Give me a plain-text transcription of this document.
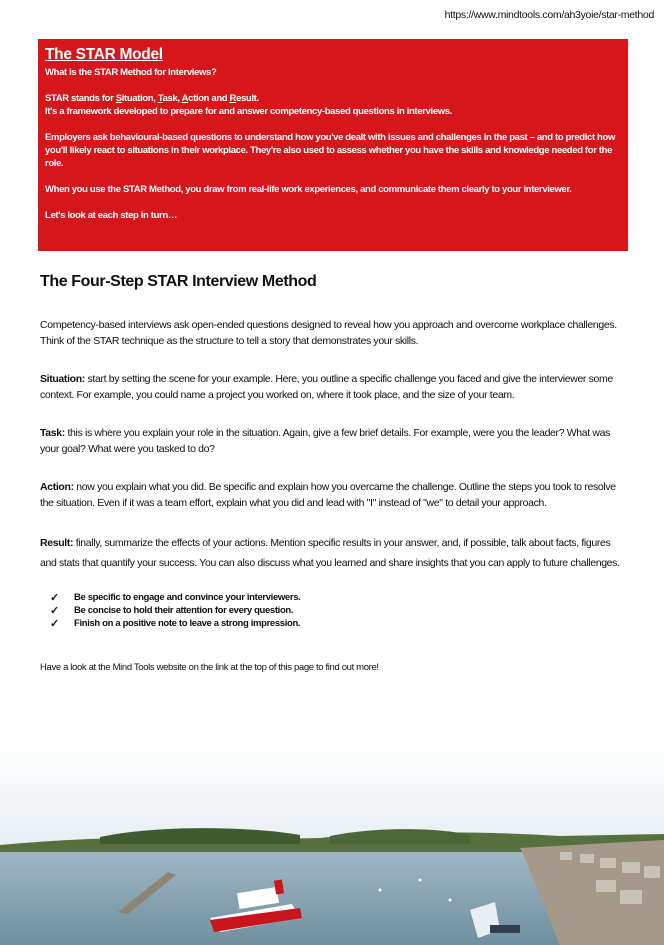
https://www.mindtools.com/ah3yoie/star-method
The STAR Model

What is the STAR Method for Interviews?

STAR stands for Situation, Task, Action and Result.

It's a framework developed to prepare for and answer competency-based questions in interviews.

Employers ask behavioural-based questions to understand how you've dealt with issues and challenges in the past – and to predict how you'll likely react to situations in their workplace. They're also used to assess whether you have the skills and knowledge needed for the role.

When you use the STAR Method, you draw from real-life work experiences, and communicate them clearly to your interviewer.

Let's look at each step in turn…

The Four-Step STAR Interview Method

Competency-based interviews ask open-ended questions designed to reveal how you approach and overcome workplace challenges. Think of the STAR technique as the structure to tell a story that demonstrates your skills.

Situation: start by setting the scene for your example. Here, you outline a specific challenge you faced and give the interviewer some context. For example, you could name a project you worked on, where it took place, and the size of your team.

Task: this is where you explain your role in the situation. Again, give a few brief details. For example, were you the leader? What was your goal? What were you tasked to do?

Action: now you explain what you did. Be specific and explain how you overcame the challenge. Outline the steps you took to resolve the situation. Even if it was a team effort, explain what you did and lead with "I" instead of "we" to detail your approach.

Result: finally, summarize the effects of your actions. Mention specific results in your answer, and, if possible, talk about facts, figures and stats that quantify your success. You can also discuss what you learned and share insights that you can apply to future challenges.

✓	Be specific to engage and convince your interviewers.
✓	Be concise to hold their attention for every question.
✓	Finish on a positive note to leave a strong impression.

Have a look at the Mind Tools website on the link at the top of this page to find out more!
